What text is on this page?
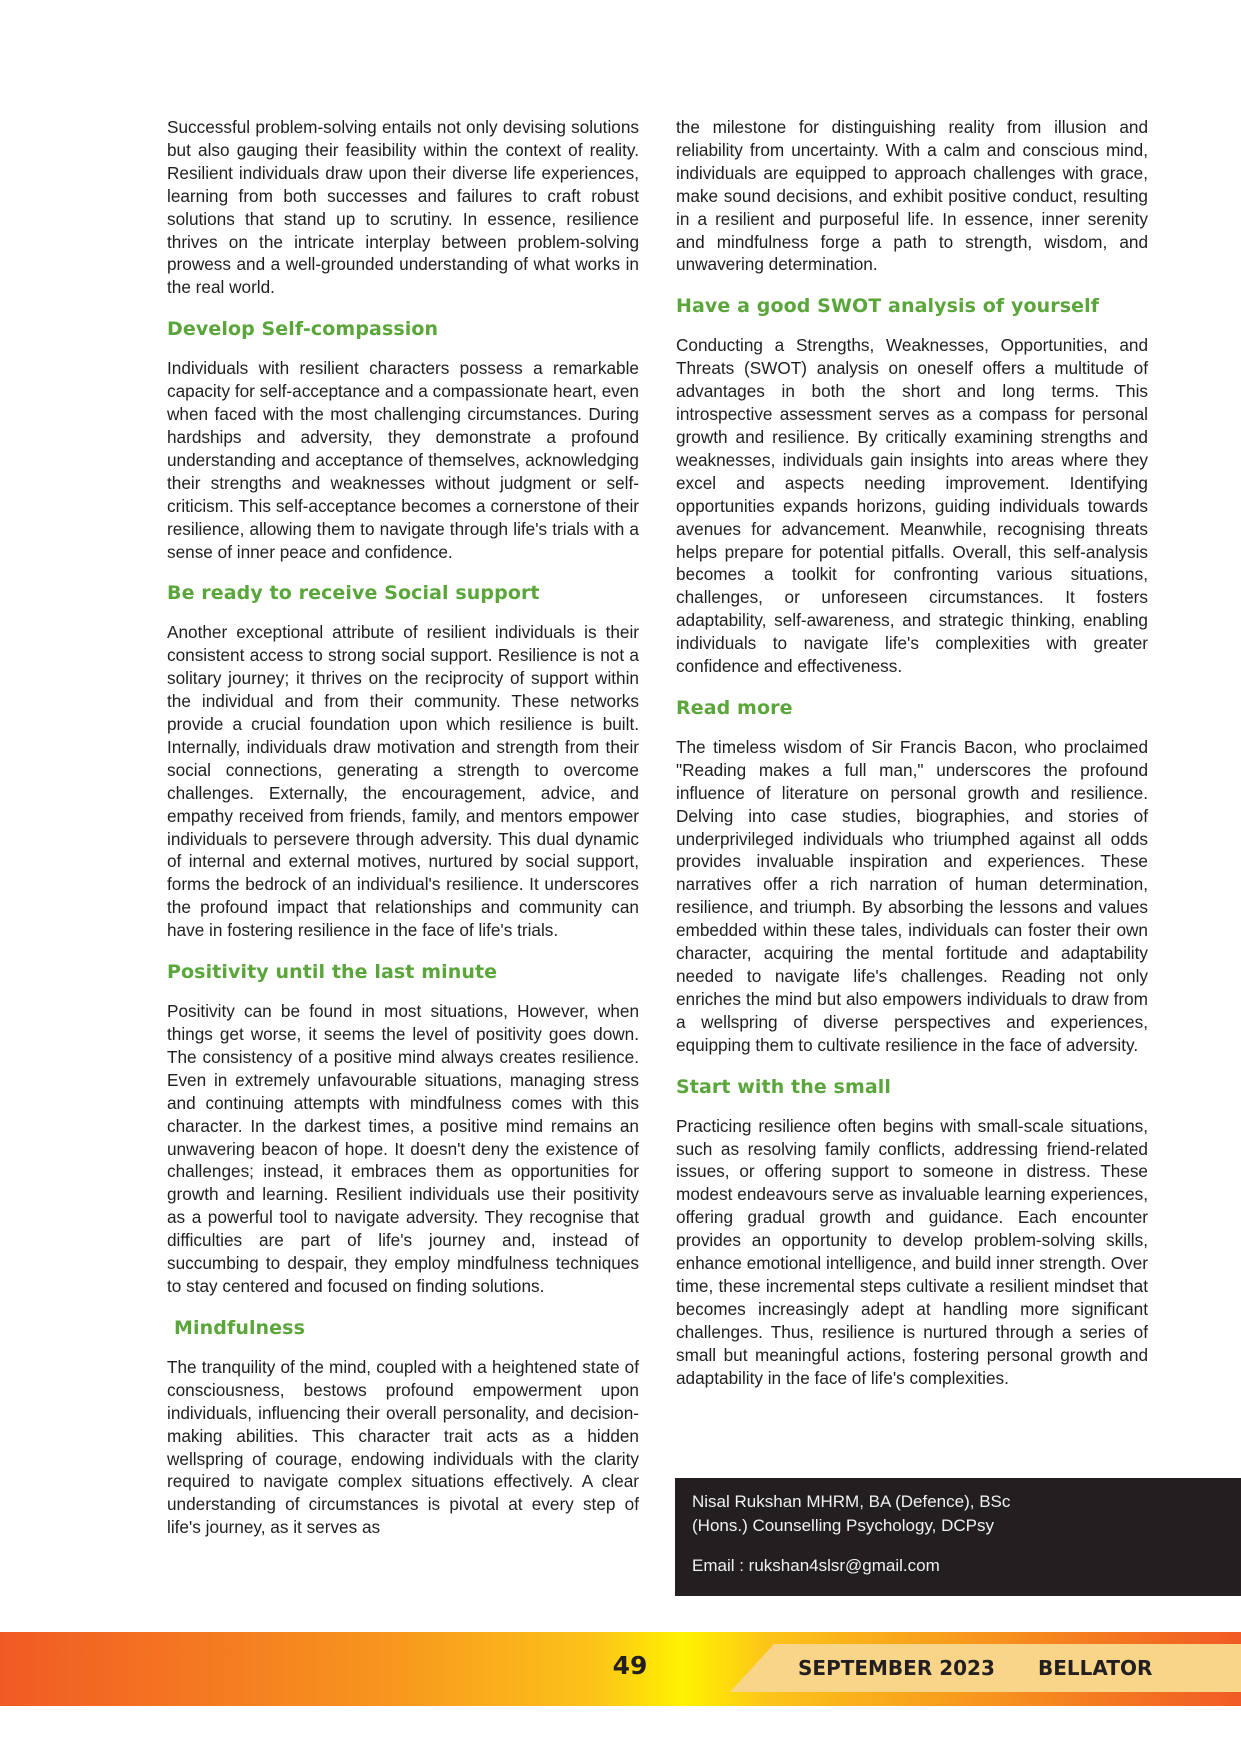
Successful problem-solving entails not only devising solutions but also gauging their feasibility within the context of reality. Resilient individuals draw upon their diverse life experiences, learning from both successes and failures to craft robust solutions that stand up to scrutiny. In essence, resilience thrives on the intricate interplay between problem-solving prowess and a well-grounded understanding of what works in the real world.

Develop Self-compassion

Individuals with resilient characters possess a remarkable capacity for self-acceptance and a compassionate heart, even when faced with the most challenging circumstances. During hardships and adversity, they demonstrate a profound understanding and acceptance of themselves, acknowledging their strengths and weaknesses without judgment or self-criticism. This self-acceptance becomes a cornerstone of their resilience, allowing them to navigate through life's trials with a sense of inner peace and confidence.

Be ready to receive Social support

Another exceptional attribute of resilient individuals is their consistent access to strong social support. Resilience is not a solitary journey; it thrives on the reciprocity of support within the individual and from their community. These networks provide a crucial foundation upon which resilience is built. Internally, individuals draw motivation and strength from their social connections, generating a strength to overcome challenges. Externally, the encouragement, advice, and empathy received from friends, family, and mentors empower individuals to persevere through adversity. This dual dynamic of internal and external motives, nurtured by social support, forms the bedrock of an individual's resilience. It underscores the profound impact that relationships and community can have in fostering resilience in the face of life's trials.

Positivity until the last minute

Positivity can be found in most situations, However, when things get worse, it seems the level of positivity goes down. The consistency of a positive mind always creates resilience. Even in extremely unfavourable situations, managing stress and continuing attempts with mindfulness comes with this character. In the darkest times, a positive mind remains an unwavering beacon of hope. It doesn't deny the existence of challenges; instead, it embraces them as opportunities for growth and learning. Resilient individuals use their positivity as a powerful tool to navigate adversity. They recognise that difficulties are part of life's journey and, instead of succumbing to despair, they employ mindfulness techniques to stay centered and focused on finding solutions.

Mindfulness

The tranquility of the mind, coupled with a heightened state of consciousness, bestows profound empowerment upon individuals, influencing their overall personality, and decision-making abilities. This character trait acts as a hidden wellspring of courage, endowing individuals with the clarity required to navigate complex situations effectively. A clear understanding of circumstances is pivotal at every step of life's journey, as it serves as

the milestone for distinguishing reality from illusion and reliability from uncertainty. With a calm and conscious mind, individuals are equipped to approach challenges with grace, make sound decisions, and exhibit positive conduct, resulting in a resilient and purposeful life. In essence, inner serenity and mindfulness forge a path to strength, wisdom, and unwavering determination.

Have a good SWOT analysis of yourself

Conducting a Strengths, Weaknesses, Opportunities, and Threats (SWOT) analysis on oneself offers a multitude of advantages in both the short and long terms. This introspective assessment serves as a compass for personal growth and resilience. By critically examining strengths and weaknesses, individuals gain insights into areas where they excel and aspects needing improvement. Identifying opportunities expands horizons, guiding individuals towards avenues for advancement. Meanwhile, recognising threats helps prepare for potential pitfalls. Overall, this self-analysis becomes a toolkit for confronting various situations, challenges, or unforeseen circumstances. It fosters adaptability, self-awareness, and strategic thinking, enabling individuals to navigate life's complexities with greater confidence and effectiveness.

Read more

The timeless wisdom of Sir Francis Bacon, who proclaimed "Reading makes a full man," underscores the profound influence of literature on personal growth and resilience. Delving into case studies, biographies, and stories of underprivileged individuals who triumphed against all odds provides invaluable inspiration and experiences. These narratives offer a rich narration of human determination, resilience, and triumph. By absorbing the lessons and values embedded within these tales, individuals can foster their own character, acquiring the mental fortitude and adaptability needed to navigate life's challenges. Reading not only enriches the mind but also empowers individuals to draw from a wellspring of diverse perspectives and experiences, equipping them to cultivate resilience in the face of adversity.

Start with the small

Practicing resilience often begins with small-scale situations, such as resolving family conflicts, addressing friend-related issues, or offering support to someone in distress. These modest endeavours serve as invaluable learning experiences, offering gradual growth and guidance. Each encounter provides an opportunity to develop problem-solving skills, enhance emotional intelligence, and build inner strength. Over time, these incremental steps cultivate a resilient mindset that becomes increasingly adept at handling more significant challenges. Thus, resilience is nurtured through a series of small but meaningful actions, fostering personal growth and adaptability in the face of life's complexities.

Nisal Rukshan MHRM, BA (Defence), BSc

(Hons.) Counselling Psychology, DCPsy

Email : rukshan4slsr@gmail.com

49	SEPTEMBER 2023 BELLATOR
